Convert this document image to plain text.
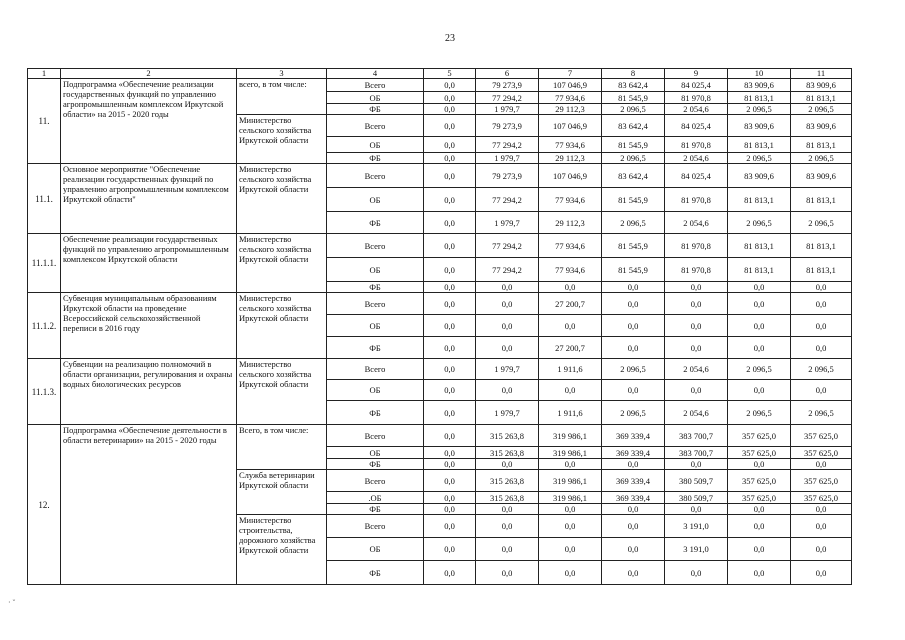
23
1	2	3	4	5	6	7	8	9	10	11
11.	Подпрограмма «Обеспечение реализации государственных функций по управлению агропромышленным комплексом Иркутской области» на 2015 - 2020 годы	всего, в том числе:	Всего	0,0	79 273,9	107 046,9	83 642,4	84 025,4	83 909,6	83 909,6
			ОБ	0,0	77 294,2	77 934,6	81 545,9	81 970,8	81 813,1	81 813,1
			ФБ	0,0	1 979,7	29 112,3	2 096,5	2 054,6	2 096,5	2 096,5
		Министерство сельского хозяйства Иркутской области	Всего	0,0	79 273,9	107 046,9	83 642,4	84 025,4	83 909,6	83 909,6
			ОБ	0,0	77 294,2	77 934,6	81 545,9	81 970,8	81 813,1	81 813,1
			ФБ	0,0	1 979,7	29 112,3	2 096,5	2 054,6	2 096,5	2 096,5
11.1.	Основное мероприятие "Обеспечение реализации государственных функций по управлению агропромышленным комплексом Иркутской области"	Министерство сельского хозяйства Иркутской области	Всего	0,0	79 273,9	107 046,9	83 642,4	84 025,4	83 909,6	83 909,6
			ОБ	0,0	77 294,2	77 934,6	81 545,9	81 970,8	81 813,1	81 813,1
			ФБ	0,0	1 979,7	29 112,3	2 096,5	2 054,6	2 096,5	2 096,5
11.1.1.	Обеспечение реализации государственных функций по управлению агропромышленным комплексом Иркутской области	Министерство сельского хозяйства Иркутской области	Всего	0,0	77 294,2	77 934,6	81 545,9	81 970,8	81 813,1	81 813,1
			ОБ	0,0	77 294,2	77 934,6	81 545,9	81 970,8	81 813,1	81 813,1
			ФБ	0,0	0,0	0,0	0,0	0,0	0,0	0,0
11.1.2.	Субвенция муниципальным образованиям Иркутской области на проведение Всероссийской сельскохозяйственной переписи в 2016 году	Министерство сельского хозяйства Иркутской области	Всего	0,0	0,0	27 200,7	0,0	0,0	0,0	0,0
			ОБ	0,0	0,0	0,0	0,0	0,0	0,0	0,0
			ФБ	0,0	0,0	27 200,7	0,0	0,0	0,0	0,0
11.1.3.	Субвенции на реализацию полномочий в области организации, регулирования и охраны водных биологических ресурсов	Министерство сельского хозяйства Иркутской области	Всего	0,0	1 979,7	1 911,6	2 096,5	2 054,6	2 096,5	2 096,5
			ОБ	0,0	0,0	0,0	0,0	0,0	0,0	0,0
			ФБ	0,0	1 979,7	1 911,6	2 096,5	2 054,6	2 096,5	2 096,5
12.	Подпрограмма «Обеспечение деятельности в области ветеринарии» на 2015 - 2020 годы	Всего, в том числе:	Всего	0,0	315 263,8	319 986,1	369 339,4	383 700,7	357 625,0	357 625,0
			ОБ	0,0	315 263,8	319 986,1	369 339,4	383 700,7	357 625,0	357 625,0
			ФБ	0,0	0,0	0,0	0,0	0,0	0,0	0,0
		Служба ветеринарии Иркутской области	Всего	0,0	315 263,8	319 986,1	369 339,4	380 509,7	357 625,0	357 625,0
			.ОБ	0,0	315 263,8	319 986,1	369 339,4	380 509,7	357 625,0	357 625,0
			ФБ	0,0	0,0	0,0	0,0	0,0	0,0	0,0
		Министерство строительства, дорожного хозяйства Иркутской области	Всего	0,0	0,0	0,0	0,0	3 191,0	0,0	0,0
			ОБ	0,0	0,0	0,0	0,0	3 191,0	0,0	0,0
			ФБ	0,0	0,0	0,0	0,0	0,0	0,0	0,0
· ˘
